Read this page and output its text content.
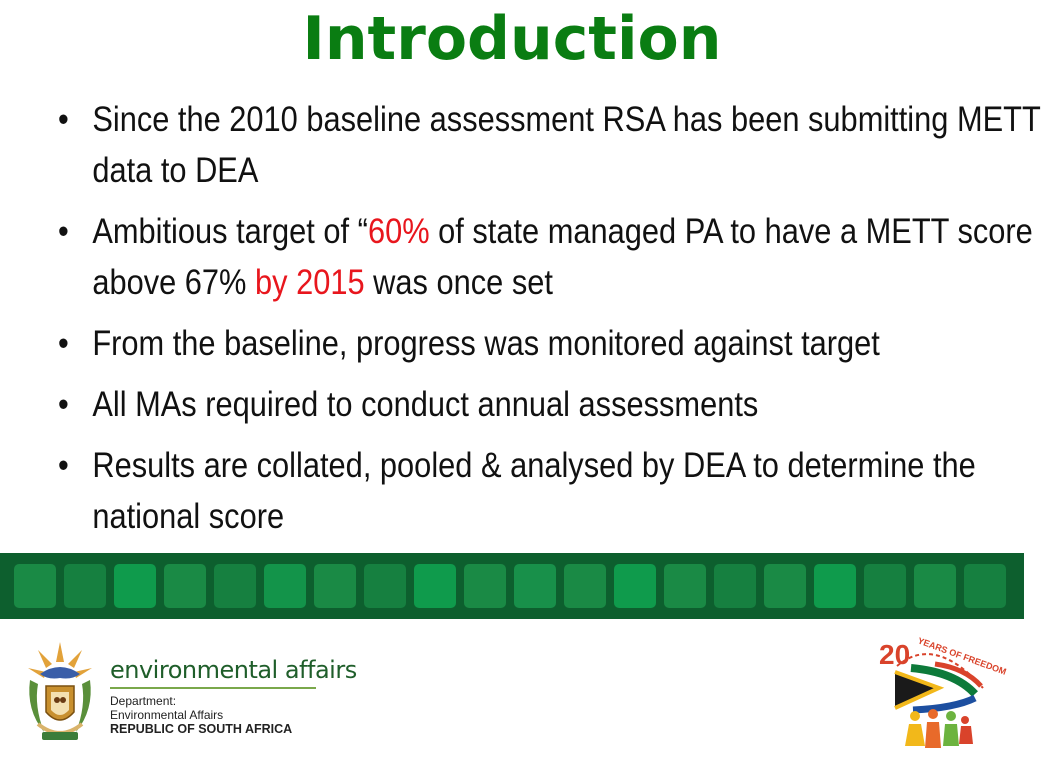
Introduction
• Since the 2010 baseline assessment RSA has been submitting METT data to DEA
• Ambitious target of “60% of state managed PA to have a METT score above 67% by 2015 was once set
• From the baseline, progress was monitored against target
• All MAs required to conduct annual assessments
• Results are collated, pooled & analysed by DEA to determine the national score
environmental affairs
Department:
Environmental Affairs
REPUBLIC OF SOUTH AFRICA
20 YEARS OF FREEDOM
